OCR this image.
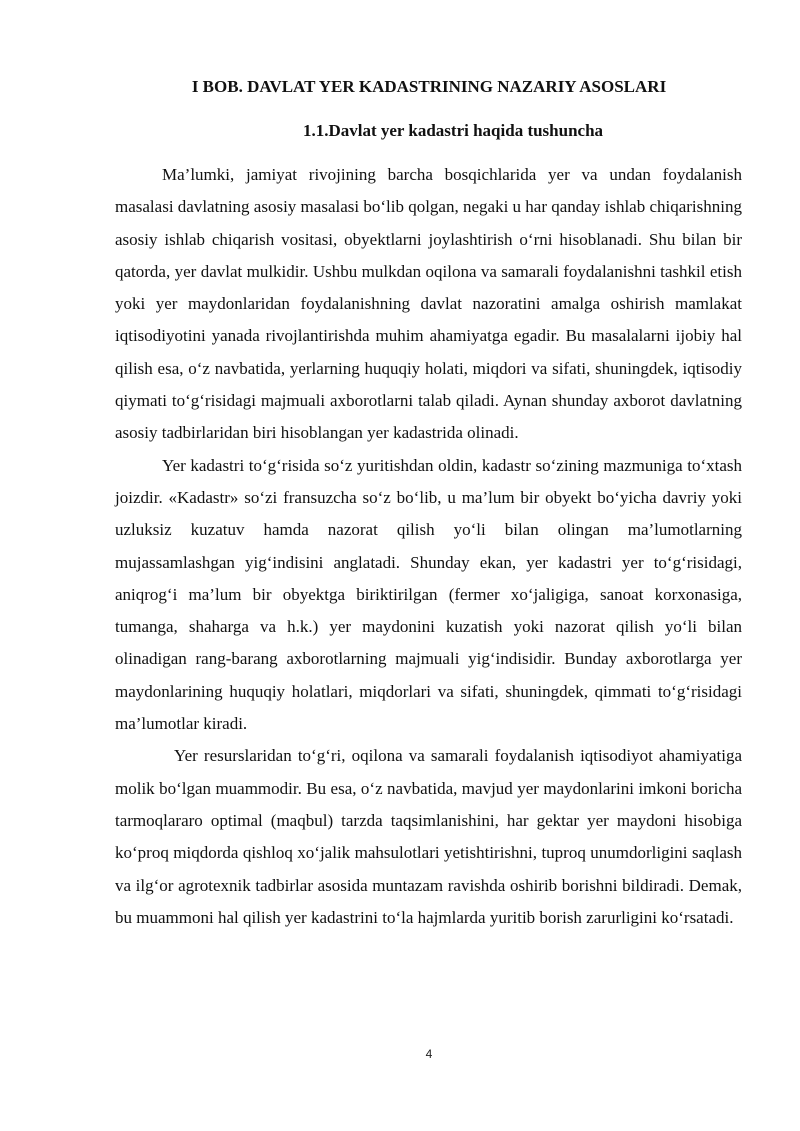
I BOB. DAVLAT YER KADASTRINING NAZARIY ASOSLARI
1.1.Davlat yer kadastri haqida tushuncha

Ma’lumki, jamiyat rivojining barcha bosqichlarida yer va undan foydalanish masalasi davlatning asosiy masalasi bo‘lib qolgan, negaki u har qanday ishlab chiqarishning asosiy ishlab chiqarish vositasi, obyektlarni joylashtirish o‘rni hisoblanadi. Shu bilan bir qatorda, yer davlat mulkidir. Ushbu mulkdan oqilona va samarali foydalanishni tashkil etish yoki yer maydonlaridan foydalanishning davlat nazoratini amalga oshirish mamlakat iqtisodiyotini yanada rivojlantirishda muhim ahamiyatga egadir. Bu masalalarni ijobiy hal qilish esa, o‘z navbatida, yerlarning huquqiy holati, miqdori va sifati, shuningdek, iqtisodiy qiymati to‘g‘risidagi majmuali axborotlarni talab qiladi. Aynan shunday axborot davlatning asosiy tadbirlaridan biri hisoblangan yer kadastrida olinadi.

Yer kadastri to‘g‘risida so‘z yuritishdan oldin, kadastr so‘zining mazmuniga to‘xtash joizdir. «Kadastr» so‘zi fransuzcha so‘z bo‘lib, u ma’lum bir obyekt bo‘yicha davriy yoki uzluksiz kuzatuv hamda nazorat qilish yo‘li bilan olingan ma’lumotlarning mujassamlashgan yig‘indisini anglatadi. Shunday ekan, yer kadastri yer to‘g‘risidagi, aniqrog‘i ma’lum bir obyektga biriktirilgan (fermer xo‘jaligiga, sanoat korxonasiga, tumanga, shaharga va h.k.) yer maydonini kuzatish yoki nazorat qilish yo‘li bilan olinadigan rang-barang axborotlarning majmuali yig‘indisidir. Bunday axborotlarga yer maydonlarining huquqiy holatlari, miqdorlari va sifati, shuningdek, qimmati to‘g‘risidagi ma’lumotlar kiradi.

Yer resurslaridan to‘g‘ri, oqilona va samarali foydalanish iqtisodiyot ahamiyatiga molik bo‘lgan muammodir. Bu esa, o‘z navbatida, mavjud yer maydonlarini imkoni boricha tarmoqlararo optimal (maqbul) tarzda taqsimlanishini, har gektar yer maydoni hisobiga ko‘proq miqdorda qishloq xo‘jalik mahsulotlari yetishtirishni, tuproq unumdorligini saqlash va ilg‘or agrotexnik tadbirlar asosida muntazam ravishda oshirib borishni bildiradi. Demak, bu muammoni hal qilish yer kadastrini to‘la hajmlarda yuritib borish zarurligini ko‘rsatadi.

4
